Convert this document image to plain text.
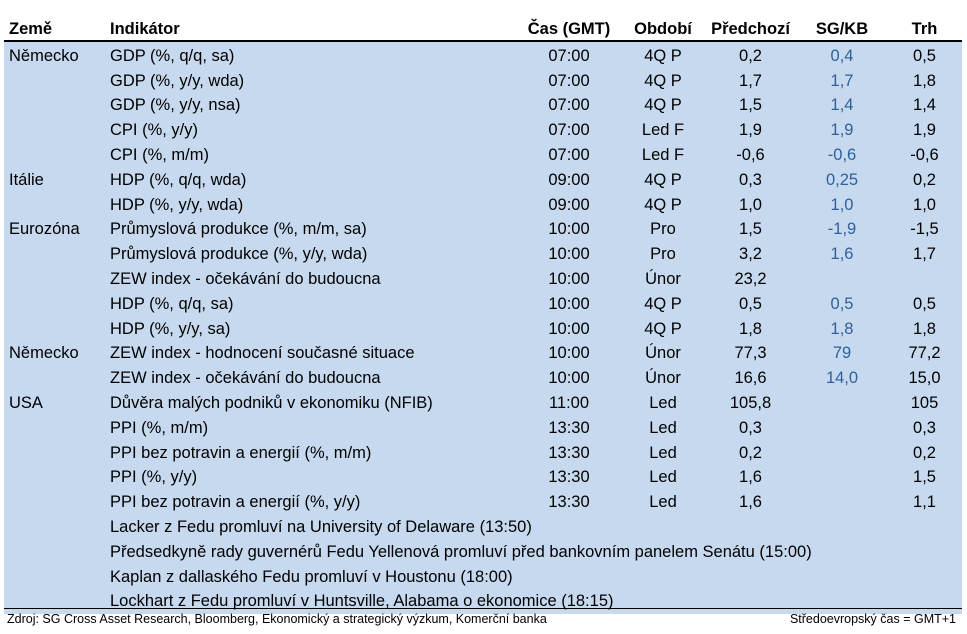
Země	Indikátor	Čas (GMT)	Období	Předchozí	SG/KB	Trh
Německo	GDP (%, q/q, sa)	07:00	4Q P	0,2	0,4	0,5
	GDP (%, y/y, wda)	07:00	4Q P	1,7	1,7	1,8
	GDP (%, y/y, nsa)	07:00	4Q P	1,5	1,4	1,4
	CPI (%, y/y)	07:00	Led F	1,9	1,9	1,9
	CPI (%, m/m)	07:00	Led F	-0,6	-0,6	-0,6
Itálie	HDP (%, q/q, wda)	09:00	4Q P	0,3	0,25	0,2
	HDP (%, y/y, wda)	09:00	4Q P	1,0	1,0	1,0
Eurozóna	Průmyslová produkce (%, m/m, sa)	10:00	Pro	1,5	-1,9	-1,5
	Průmyslová produkce (%, y/y, wda)	10:00	Pro	3,2	1,6	1,7
	ZEW index - očekávání do budoucna	10:00	Únor	23,2		
	HDP (%, q/q, sa)	10:00	4Q P	0,5	0,5	0,5
	HDP (%, y/y, sa)	10:00	4Q P	1,8	1,8	1,8
Německo	ZEW index - hodnocení současné situace	10:00	Únor	77,3	79	77,2
	ZEW index - očekávání do budoucna	10:00	Únor	16,6	14,0	15,0
USA	Důvěra malých podniků v ekonomiku (NFIB)	11:00	Led	105,8		105
	PPI (%, m/m)	13:30	Led	0,3		0,3
	PPI bez potravin a energií (%, m/m)	13:30	Led	0,2		0,2
	PPI (%, y/y)	13:30	Led	1,6		1,5
	PPI bez potravin a energií (%, y/y)	13:30	Led	1,6		1,1
	Lacker z Fedu promluví na University of Delaware (13:50)					
	Předsedkyně rady guvernérů Fedu Yellenová promluví před bankovním panelem Senátu (15:00)					
	Kaplan z dallaského Fedu promluví v Houstonu (18:00)					
	Lockhart z Fedu promluví v Huntsville, Alabama o ekonomice (18:15)					
Zdroj: SG Cross Asset Research, Bloomberg, Ekonomický a strategický výzkum, Komerční banka	Středoevropský čas = GMT+1
